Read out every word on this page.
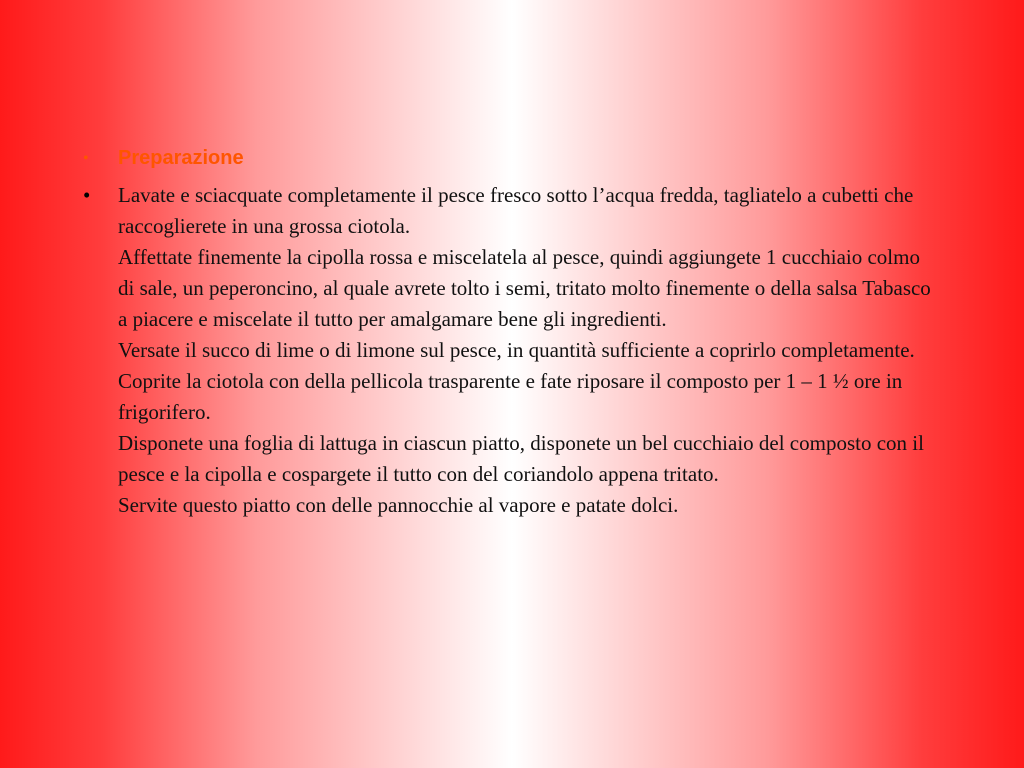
• Preparazione
• Lavate e sciacquate completamente il pesce fresco sotto l’acqua fredda, tagliatelo a cubetti che raccoglierete in una grossa ciotola.
Affettate finemente la cipolla rossa e miscelatela al pesce, quindi aggiungete 1 cucchiaio colmo di sale, un peperoncino, al quale avrete tolto i semi, tritato molto finemente o della salsa Tabasco a piacere e miscelate il tutto per amalgamare bene gli ingredienti.
Versate il succo di lime o di limone sul pesce, in quantità sufficiente a coprirlo completamente. Coprite la ciotola con della pellicola trasparente e fate riposare il composto per 1 – 1 ½ ore in frigorifero.
Disponete una foglia di lattuga in ciascun piatto, disponete un bel cucchiaio del composto con il pesce e la cipolla e cospargete il tutto con del coriandolo appena tritato.
Servite questo piatto con delle pannocchie al vapore e patate dolci.
